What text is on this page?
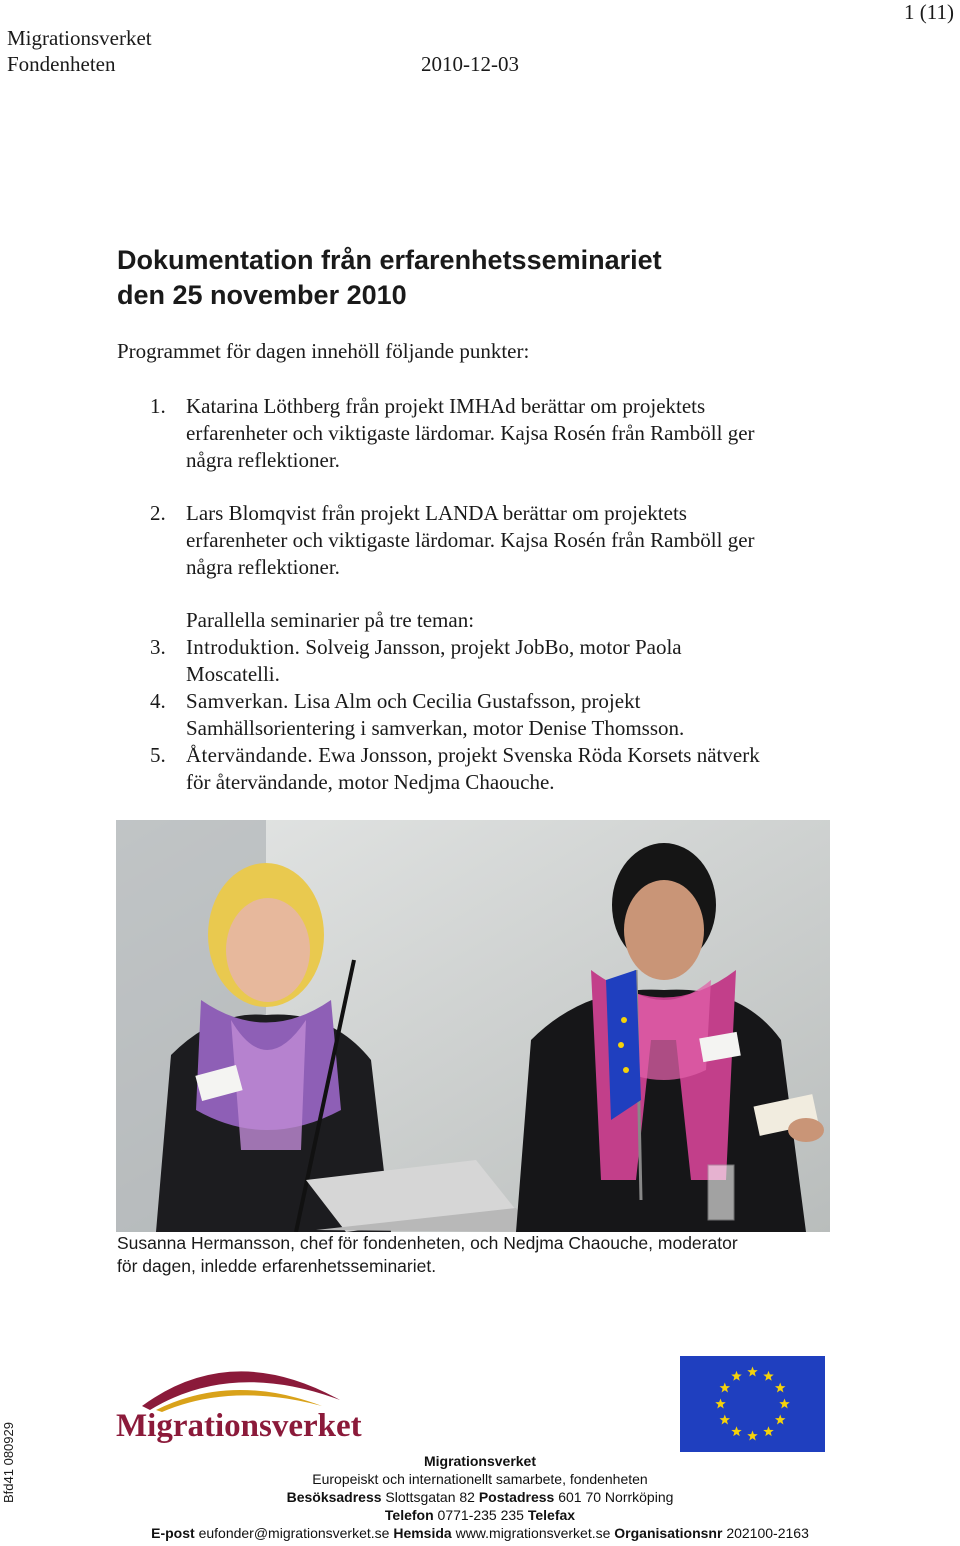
1 (11)
Migrationsverket
Fondenheten	2010-12-03
Dokumentation från erfarenhetsseminariet
den 25 november 2010
Programmet för dagen innehöll följande punkter:
1. Katarina Löthberg från projekt IMHAd berättar om projektets
erfarenheter och viktigaste lärdomar. Kajsa Rosén från Ramböll ger
några reflektioner.
2. Lars Blomqvist från projekt LANDA berättar om projektets
erfarenheter och viktigaste lärdomar. Kajsa Rosén från Ramböll ger
några reflektioner.
Parallella seminarier på tre teman:
3. Introduktion. Solveig Jansson, projekt JobBo, motor Paola
Moscatelli.
4. Samverkan. Lisa Alm och Cecilia Gustafsson, projekt
Samhällsorientering i samverkan, motor Denise Thomsson.
5. Återvändande. Ewa Jonsson, projekt Svenska Röda Korsets nätverk
för återvändande, motor Nedjma Chaouche.
Susanna Hermansson, chef för fondenheten, och Nedjma Chaouche, moderator
för dagen, inledde erfarenhetsseminariet.
Bfd41 080929	Migrationsverket
Migrationsverket
Europeiskt och internationellt samarbete, fondenheten
Besöksadress Slottsgatan 82 Postadress 601 70 Norrköping
Telefon 0771-235 235 Telefax
E-post eufonder@migrationsverket.se Hemsida www.migrationsverket.se Organisationsnr 202100-2163
